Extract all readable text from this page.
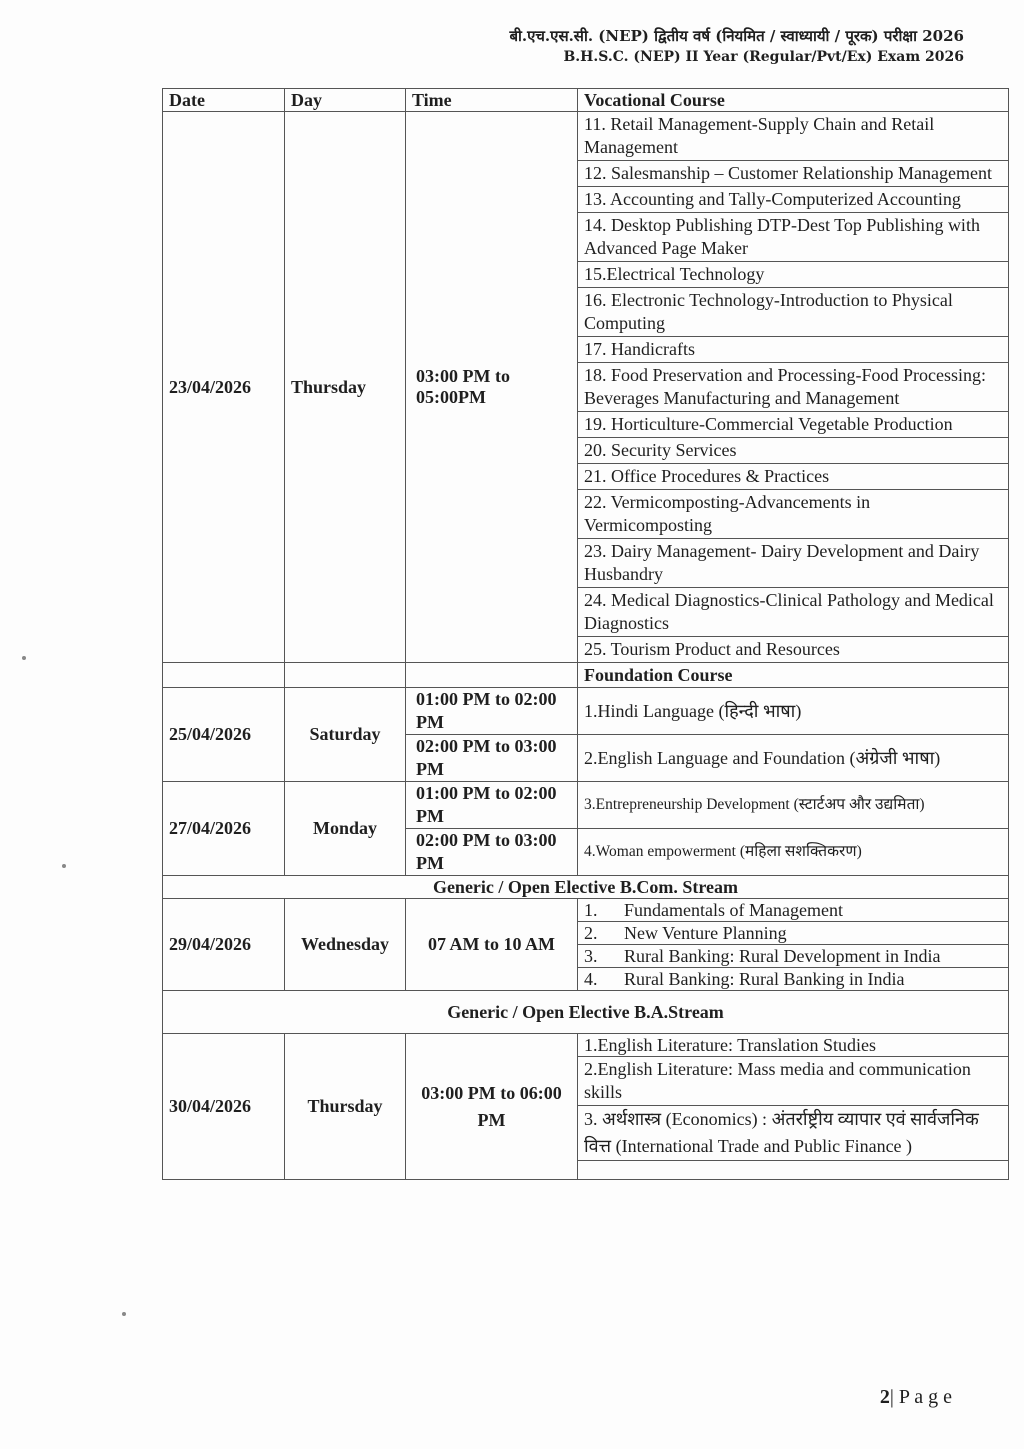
बी.एच.एस.सी. (NEP) द्वितीय वर्ष (नियमित / स्वाध्यायी / पूरक) परीक्षा 2026
B.H.S.C. (NEP) II Year (Regular/Pvt/Ex) Exam 2026
Date	Day	Time	Vocational Course
23/04/2026	Thursday	03:00 PM to 05:00PM	11. Retail Management-Supply Chain and Retail Management
			12. Salesmanship – Customer Relationship Management
			13. Accounting and Tally-Computerized Accounting
			14. Desktop Publishing DTP-Dest Top Publishing with Advanced Page Maker
			15.Electrical Technology
			16. Electronic Technology-Introduction to Physical Computing
			17. Handicrafts
			18. Food Preservation and Processing-Food Processing: Beverages Manufacturing and Management
			19. Horticulture-Commercial Vegetable Production
			20. Security Services
			21. Office Procedures & Practices
			22. Vermicomposting-Advancements in Vermicomposting
			23. Dairy Management- Dairy Development and Dairy Husbandry
			24. Medical Diagnostics-Clinical Pathology and Medical Diagnostics
			25. Tourism Product and Resources
			Foundation Course
25/04/2026	Saturday	01:00 PM to 02:00 PM	1.Hindi Language (हिन्दी भाषा)
		02:00 PM to 03:00 PM	2.English Language and Foundation (अंग्रेजी भाषा)
27/04/2026	Monday	01:00 PM to 02:00 PM	3.Entrepreneurship Development (स्टार्टअप और उद्यमिता)
		02:00 PM to 03:00 PM	4.Woman empowerment (महिला सशक्तिकरण)
Generic / Open Elective B.Com. Stream			
29/04/2026	Wednesday	07 AM to 10 AM	1. Fundamentals of Management
			2. New Venture Planning
			3. Rural Banking: Rural Development in India
			4. Rural Banking: Rural Banking in India
Generic / Open Elective B.A.Stream			
30/04/2026	Thursday	03:00 PM to 06:00 PM	1.English Literature: Translation Studies
			2.English Literature: Mass media and communication skills
			3. अर्थशास्त्र (Economics) : अंतर्राष्ट्रीय व्यापार एवं सार्वजनिक वित्त (International Trade and Public Finance )

2| P a g e
